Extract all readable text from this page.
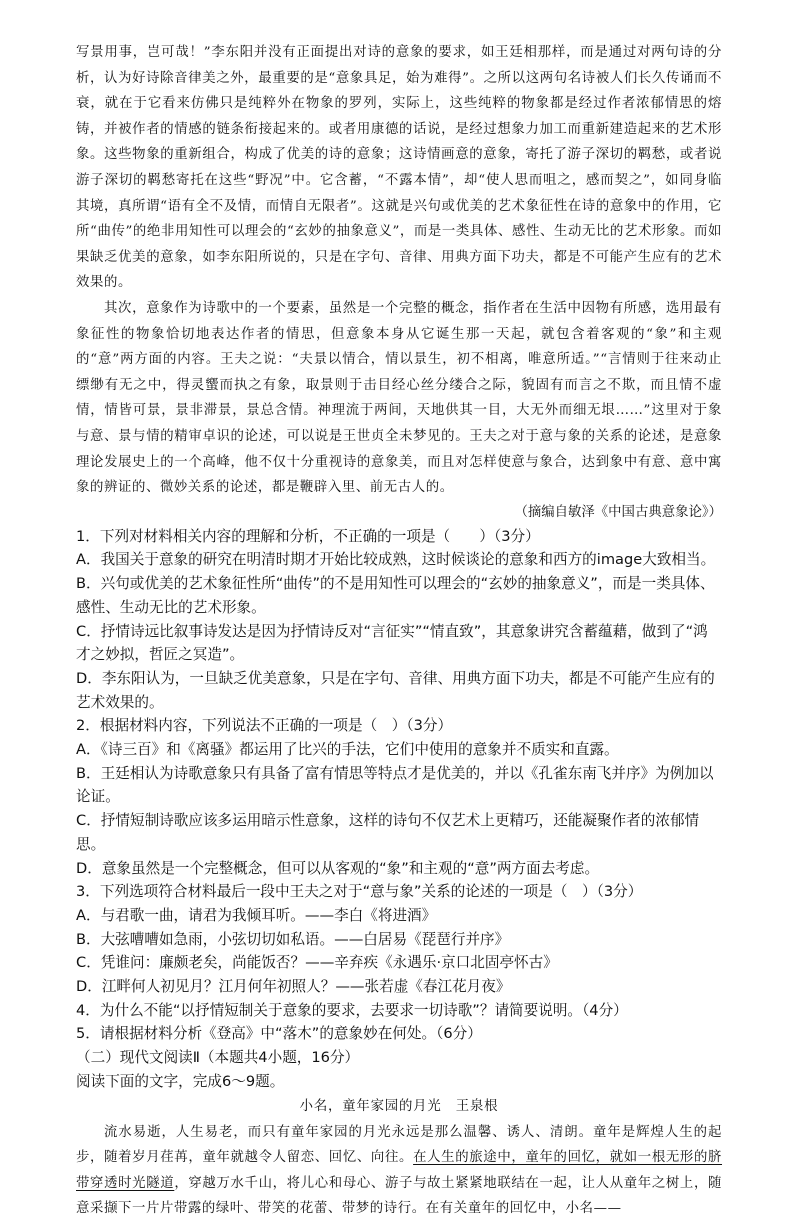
写景用事，岂可哉！”李东阳并没有正面提出对诗的意象的要求，如王廷相那样，而是通过对两句诗的分析，认为好诗除音律美之外，最重要的是“意象具足，始为难得”。之所以这两句名诗被人们长久传诵而不衰，就在于它看来仿佛只是纯粹外在物象的罗列，实际上，这些纯粹的物象都是经过作者浓郁情思的熔铸，并被作者的情感的链条衔接起来的。或者用康德的话说，是经过想象力加工而重新建造起来的艺术形象。这些物象的重新组合，构成了优美的诗的意象；这诗情画意的意象，寄托了游子深切的羁愁，或者说游子深切的羁愁寄托在这些“野况”中。它含蓄，“不露本情”，却“使人思而咀之，感而契之”，如同身临其境，真所谓“语有全不及情，而情自无限者”。这就是兴句或优美的艺术象征性在诗的意象中的作用，它所“曲传”的绝非用知性可以理会的“玄妙的抽象意义”，而是一类具体、感性、生动无比的艺术形象。而如果缺乏优美的意象，如李东阳所说的，只是在字句、音律、用典方面下功夫，都是不可能产生应有的艺术效果的。

其次，意象作为诗歌中的一个要素，虽然是一个完整的概念，指作者在生活中因物有所感，选用最有象征性的物象恰切地表达作者的情思，但意象本身从它诞生那一天起，就包含着客观的“象”和主观的“意”两方面的内容。王夫之说：“夫景以情合，情以景生，初不相离，唯意所适。”“言情则于往来动止缥缈有无之中，得灵蠁而执之有象，取景则于击目经心丝分缕合之际，貌固有而言之不欺，而且情不虚情，情皆可景，景非滞景，景总含情。神理流于两间，天地供其一目，大无外而细无垠……”这里对于象与意、景与情的精审卓识的论述，可以说是王世贞全未梦见的。王夫之对于意与象的关系的论述，是意象理论发展史上的一个高峰，他不仅十分重视诗的意象美，而且对怎样使意与象合，达到象中有意、意中寓象的辨证的、微妙关系的论述，都是鞭辟入里、前无古人的。

（摘编自敏泽《中国古典意象论》）

1．下列对材料相关内容的理解和分析，不正确的一项是（　　）（3分）

A．我国关于意象的研究在明清时期才开始比较成熟，这时候谈论的意象和西方的image大致相当。

B．兴句或优美的艺术象征性所“曲传”的不是用知性可以理会的“玄妙的抽象意义”，而是一类具体、感性、生动无比的艺术形象。

C．抒情诗远比叙事诗发达是因为抒情诗反对“言征实”“情直致”，其意象讲究含蓄蕴藉，做到了“鸿才之妙拟，哲匠之冥造”。

D．李东阳认为，一旦缺乏优美意象，只是在字句、音律、用典方面下功夫，都是不可能产生应有的艺术效果的。

2．根据材料内容，下列说法不正确的一项是（　）（3分）

A．《诗三百》和《离骚》都运用了比兴的手法，它们中使用的意象并不质实和直露。

B．王廷相认为诗歌意象只有具备了富有情思等特点才是优美的，并以《孔雀东南飞并序》为例加以论证。

C．抒情短制诗歌应该多运用暗示性意象，这样的诗句不仅艺术上更精巧，还能凝聚作者的浓郁情思。

D．意象虽然是一个完整概念，但可以从客观的“象”和主观的“意”两方面去考虑。

3．下列选项符合材料最后一段中王夫之对于“意与象”关系的论述的一项是（　）（3分）

A．与君歌一曲，请君为我倾耳听。——李白《将进酒》

B．大弦嘈嘈如急雨，小弦切切如私语。——白居易《琵琶行并序》

C．凭谁问：廉颇老矣，尚能饭否？——辛弃疾《永遇乐·京口北固亭怀古》

D．江畔何人初见月？江月何年初照人？——张若虚《春江花月夜》

4．为什么不能“以抒情短制关于意象的要求，去要求一切诗歌”？请简要说明。（4分）

5．请根据材料分析《登高》中“落木”的意象妙在何处。（6分）

（二）现代文阅读Ⅱ（本题共4小题，16分）

阅读下面的文字，完成6～9题。

小名，童年家园的月光　王泉根

流水易逝，人生易老，而只有童年家园的月光永远是那么温馨、诱人、清朗。童年是辉煌人生的起步，随着岁月荏苒，童年就越令人留恋、回忆、向往。在人生的旅途中，童年的回忆，就如一根无形的脐带穿透时光隧道，穿越万水千山，将儿心和母心、游子与故土紧紧地联结在一起，让人从童年之树上，随意采撷下一片片带露的绿叶、带笑的花蕾、带梦的诗行。在有关童年的回忆中，小名——
